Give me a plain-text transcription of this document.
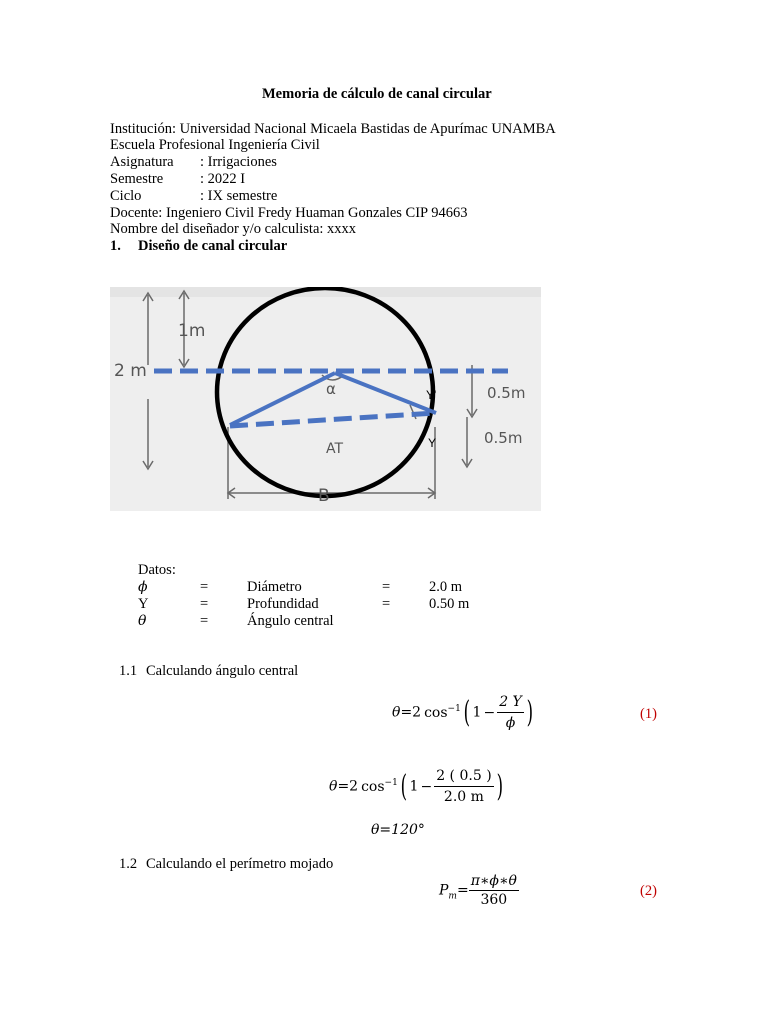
Memoria de cálculo de canal circular
Institución: Universidad Nacional Micaela Bastidas de Apurímac UNAMBA
Escuela Profesional Ingeniería Civil
Asignatura : Irrigaciones
Semestre	: 2022 I
Ciclo	: IX semestre
Docente: Ingeniero Civil Fredy Huaman Gonzales CIP 94663
Nombre del diseñador y/o calculista: xxxx
1. Diseño de canal circular
1m
2 m
α	Y'
Y
0.5m
0.5m
AT
B
Datos:
ϕ	=	Diámetro	=	2.0 m
Y	=	Profundidad	=	0.50 m
θ	=	Ángulo central
1.1 Calculando ángulo central
θ=2 $\cos^{-1}$( $1 - \frac{2 Y}{\phi}$ )	(1)
θ=2 $\cos^{-1}$( $1 - \frac{2 ( 0.5 )}{2.0 m}$ )
θ=120°
1.2 Calculando el perímetro mojado
$P_m= \frac{\pi∗\phi∗\theta}{360}$	(2)
